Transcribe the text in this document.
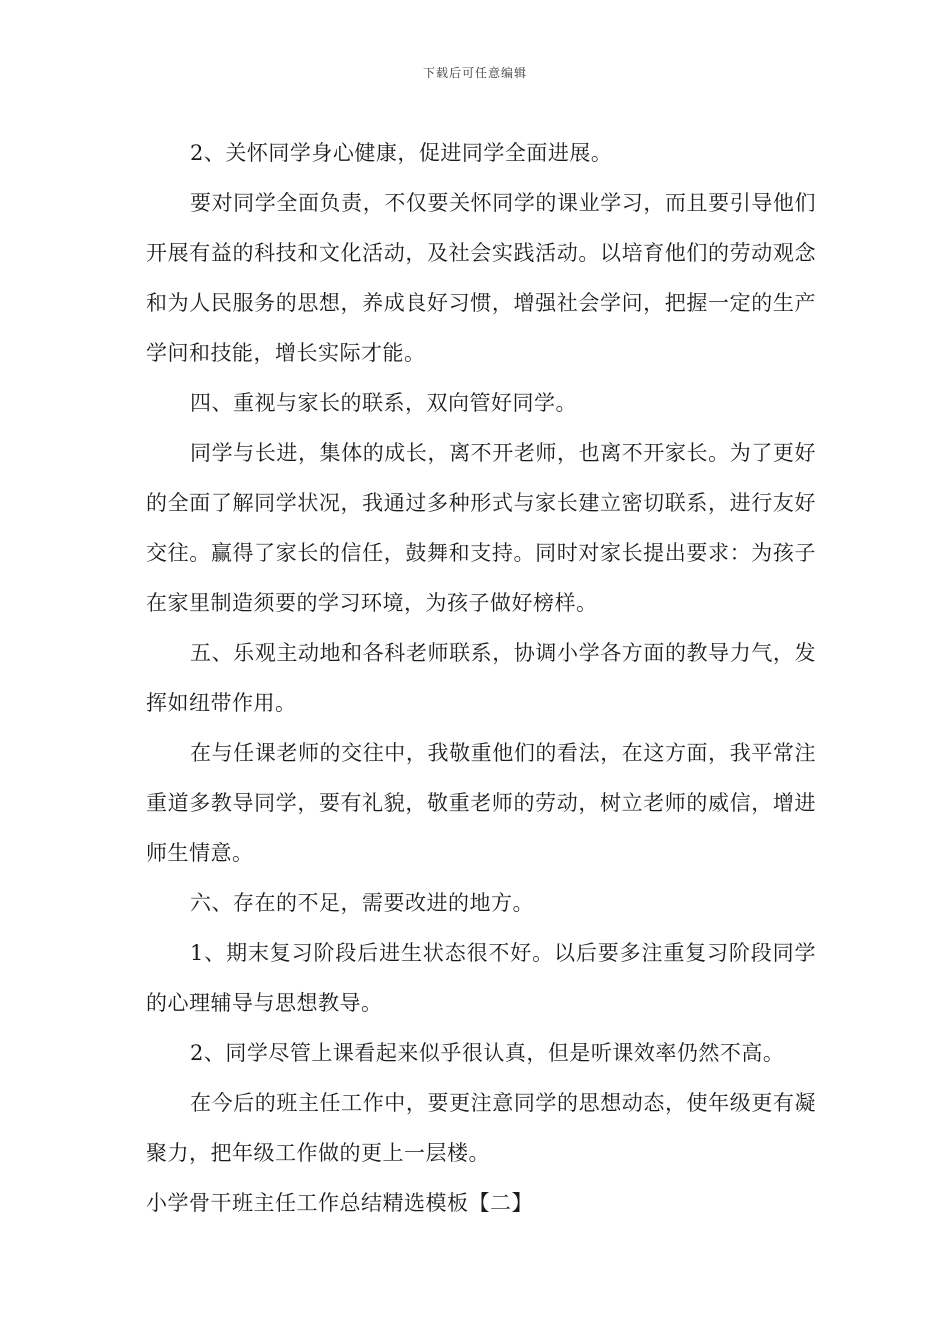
下载后可任意编辑

2、关怀同学身心健康，促进同学全面进展。

要对同学全面负责，不仅要关怀同学的课业学习，而且要引导他们开展有益的科技和文化活动，及社会实践活动。以培育他们的劳动观念和为人民服务的思想，养成良好习惯，增强社会学问，把握一定的生产学问和技能，增长实际才能。

四、重视与家长的联系，双向管好同学。

同学与长进，集体的成长，离不开老师，也离不开家长。为了更好的全面了解同学状况，我通过多种形式与家长建立密切联系，进行友好交往。赢得了家长的信任，鼓舞和支持。同时对家长提出要求：为孩子在家里制造须要的学习环境，为孩子做好榜样。

五、乐观主动地和各科老师联系，协调小学各方面的教导力气，发挥如纽带作用。

在与任课老师的交往中，我敬重他们的看法，在这方面，我平常注重道多教导同学，要有礼貌，敬重老师的劳动，树立老师的威信，增进师生情意。

六、存在的不足，需要改进的地方。

1、期末复习阶段后进生状态很不好。以后要多注重复习阶段同学的心理辅导与思想教导。

2、同学尽管上课看起来似乎很认真，但是听课效率仍然不高。

在今后的班主任工作中，要更注意同学的思想动态，使年级更有凝聚力，把年级工作做的更上一层楼。

小学骨干班主任工作总结精选模板【二】
